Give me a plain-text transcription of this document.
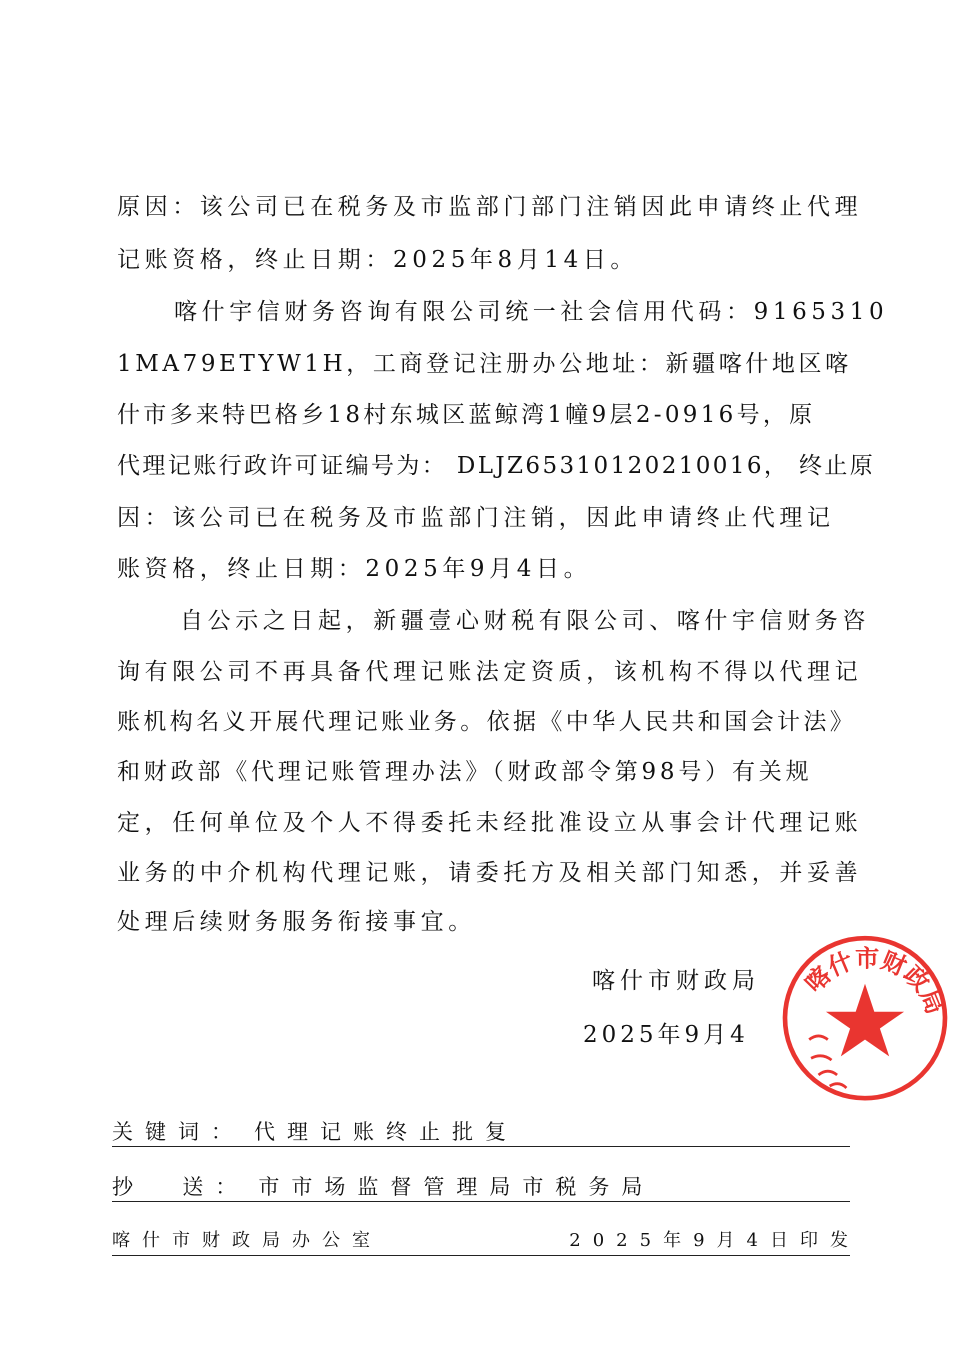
原因：该公司已在税务及市监部门部门注销因此申请终止代理
记账资格，终止日期：2025年8月14日。
喀什宇信财务咨询有限公司统一社会信用代码：9165310
1MA79ETYW1H，工商登记注册办公地址：新疆喀什地区喀
什市多来特巴格乡18村东城区蓝鲸湾1幢9层2-0916号，原
代理记账行政许可证编号为： DLJZ65310120210016， 终止原
因：该公司已在税务及市监部门注销，因此申请终止代理记
账资格，终止日期：2025年9月4日。
自公示之日起，新疆壹心财税有限公司、喀什宇信财务咨
询有限公司不再具备代理记账法定资质，该机构不得以代理记
账机构名义开展代理记账业务。依据《中华人民共和国会计法》
和财政部《代理记账管理办法》（财政部令第98号）有关规
定，任何单位及个人不得委托未经批准设立从事会计代理记账
业务的中介机构代理记账，请委托方及相关部门知悉，并妥善
处理后续财务服务衔接事宜。
喀什市财政局
2025年9月4
喀什市财政局
关键词： 代理记账终止批复
抄  送： 市市场监督管理局市税务局
喀什市财政局办公室	2025年9月4日印发
